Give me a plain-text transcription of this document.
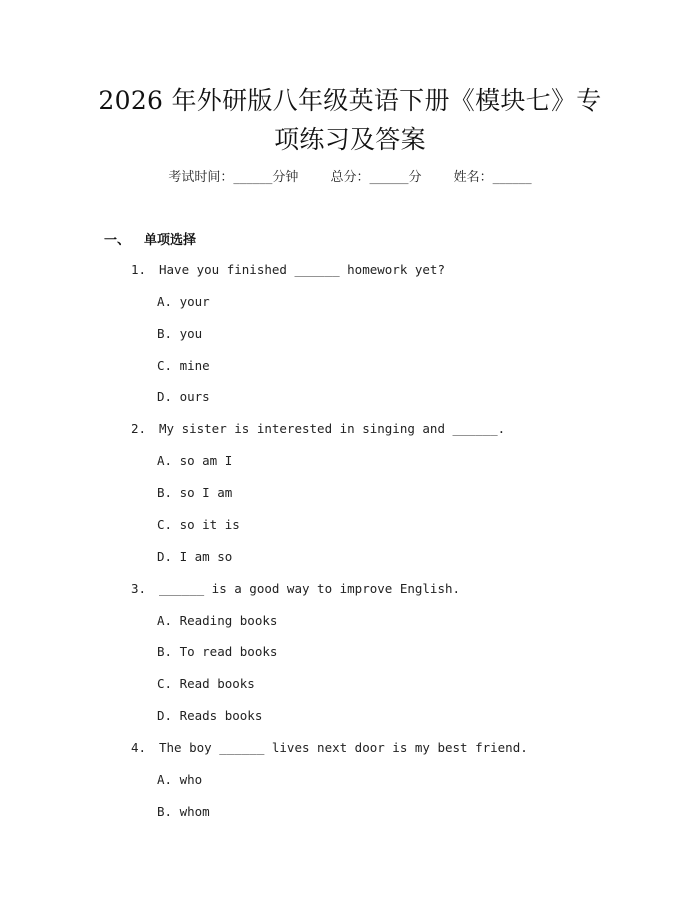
2026 年外研版八年级英语下册《模块七》专
项练习及答案
考试时间：______分钟 总分：______分 姓名：______
一、 单项选择
1. Have you finished ______ homework yet?
A. your
B. you
C. mine
D. ours
2. My sister is interested in singing and ______.
A. so am I
B. so I am
C. so it is
D. I am so
3. ______ is a good way to improve English.
A. Reading books
B. To read books
C. Read books
D. Reads books
4. The boy ______ lives next door is my best friend.
A. who
B. whom
